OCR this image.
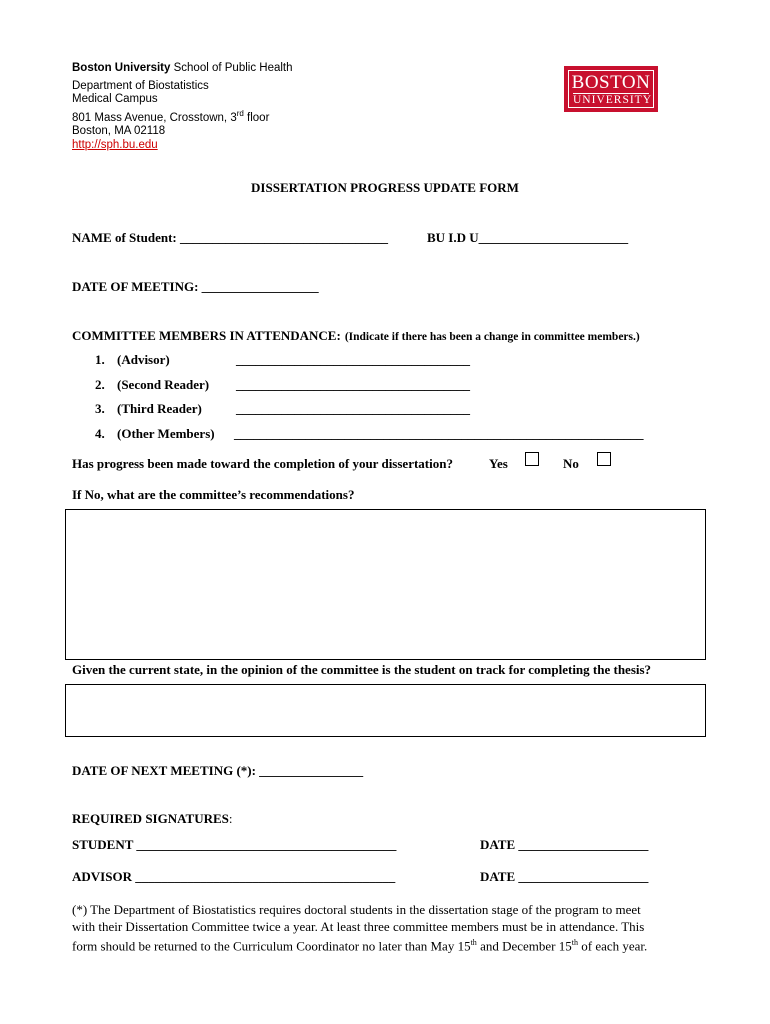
Boston University School of Public Health
Department of Biostatistics
Medical Campus
801 Mass Avenue, Crosstown, 3rd floor
Boston, MA 02118
http://sph.bu.edu
BOSTON
UNIVERSITY
DISSERTATION PROGRESS UPDATE FORM
NAME of Student: ________________________________	BU I.D U_______________________
DATE OF MEETING: __________________
COMMITTEE MEMBERS IN ATTENDANCE: (Indicate if there has been a change in committee members.)
1. (Advisor)	____________________________________
2. (Second Reader) ____________________________________
3. (Third Reader)	____________________________________
4. (Other Members) _______________________________________________________________
Has progress been made toward the completion of your dissertation?	Yes	No
If No, what are the committee’s recommendations?
Given the current state, in the opinion of the committee is the student on track for completing the thesis?
DATE OF NEXT MEETING (*): ________________
REQUIRED SIGNATURES:
STUDENT ________________________________________	DATE ____________________
ADVISOR ________________________________________	DATE ____________________
(*) The Department of Biostatistics requires doctoral students in the dissertation stage of the program to meet
with their Dissertation Committee twice a year. At least three committee members must be in attendance. This
form should be returned to the Curriculum Coordinator no later than May 15th and December 15th of each year.
